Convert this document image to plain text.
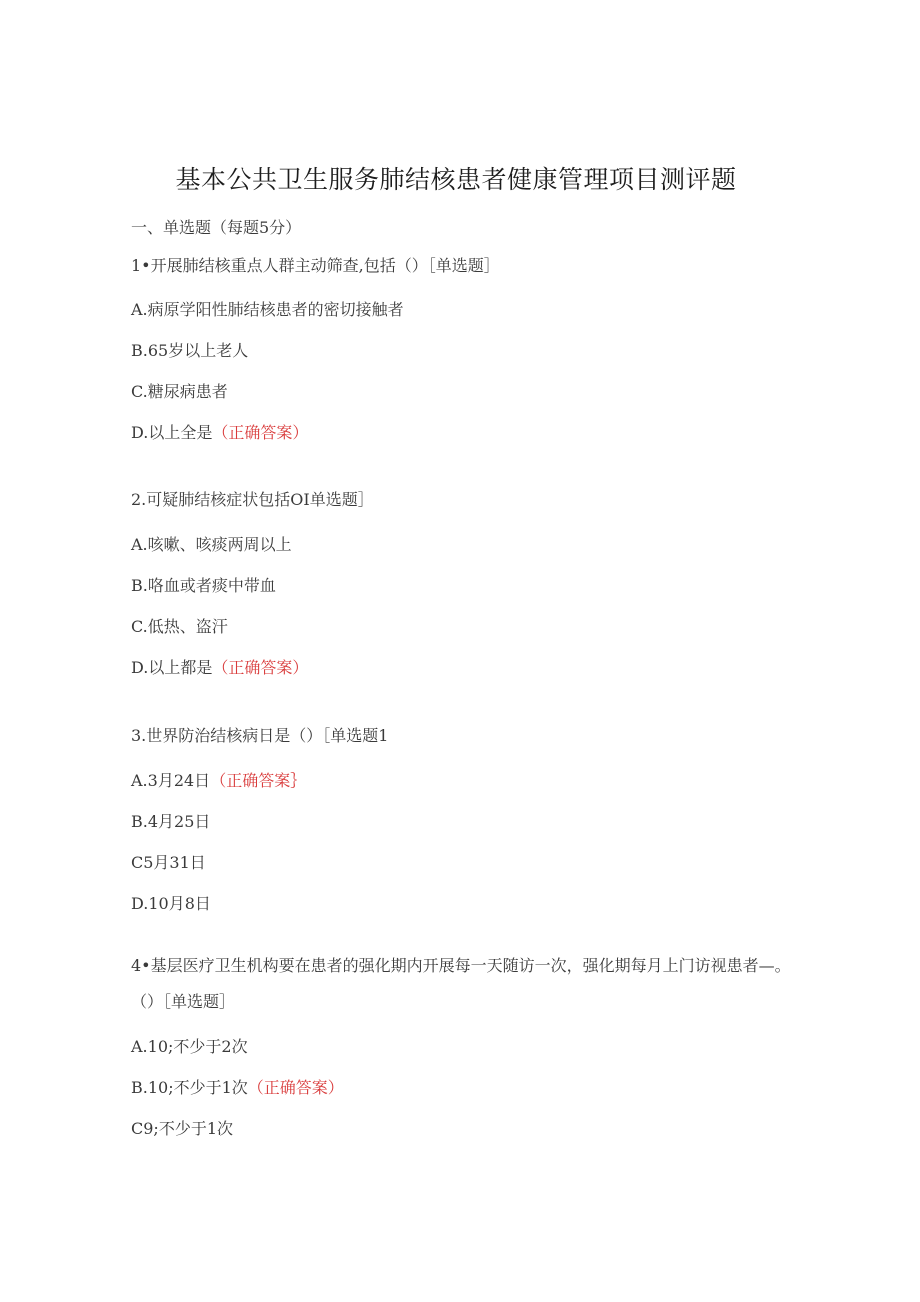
基本公共卫生服务肺结核患者健康管理项目测评题
一、单选题（每题5分）
1•开展肺结核重点人群主动筛查,包括（）［单选题］
A.病原学阳性肺结核患者的密切接触者
B.65岁以上老人
C.糖尿病患者
D.以上全是（正确答案）
2.可疑肺结核症状包括OI单选题］
A.咳嗽、咳痰两周以上
B.咯血或者痰中带血
C.低热、盗汗
D.以上都是（正确答案）
3.世界防治结核病日是（）［单选题1
A.3月24日（正确答案｝
B.4月25日
C5月31日
D.10月8日
4•基层医疗卫生机构要在患者的强化期内开展每一天随访一次，强化期每月上门访视患者—。（）［单选题］
A.10;不少于2次
B.10;不少于1次（正确答案）
C9;不少于1次
